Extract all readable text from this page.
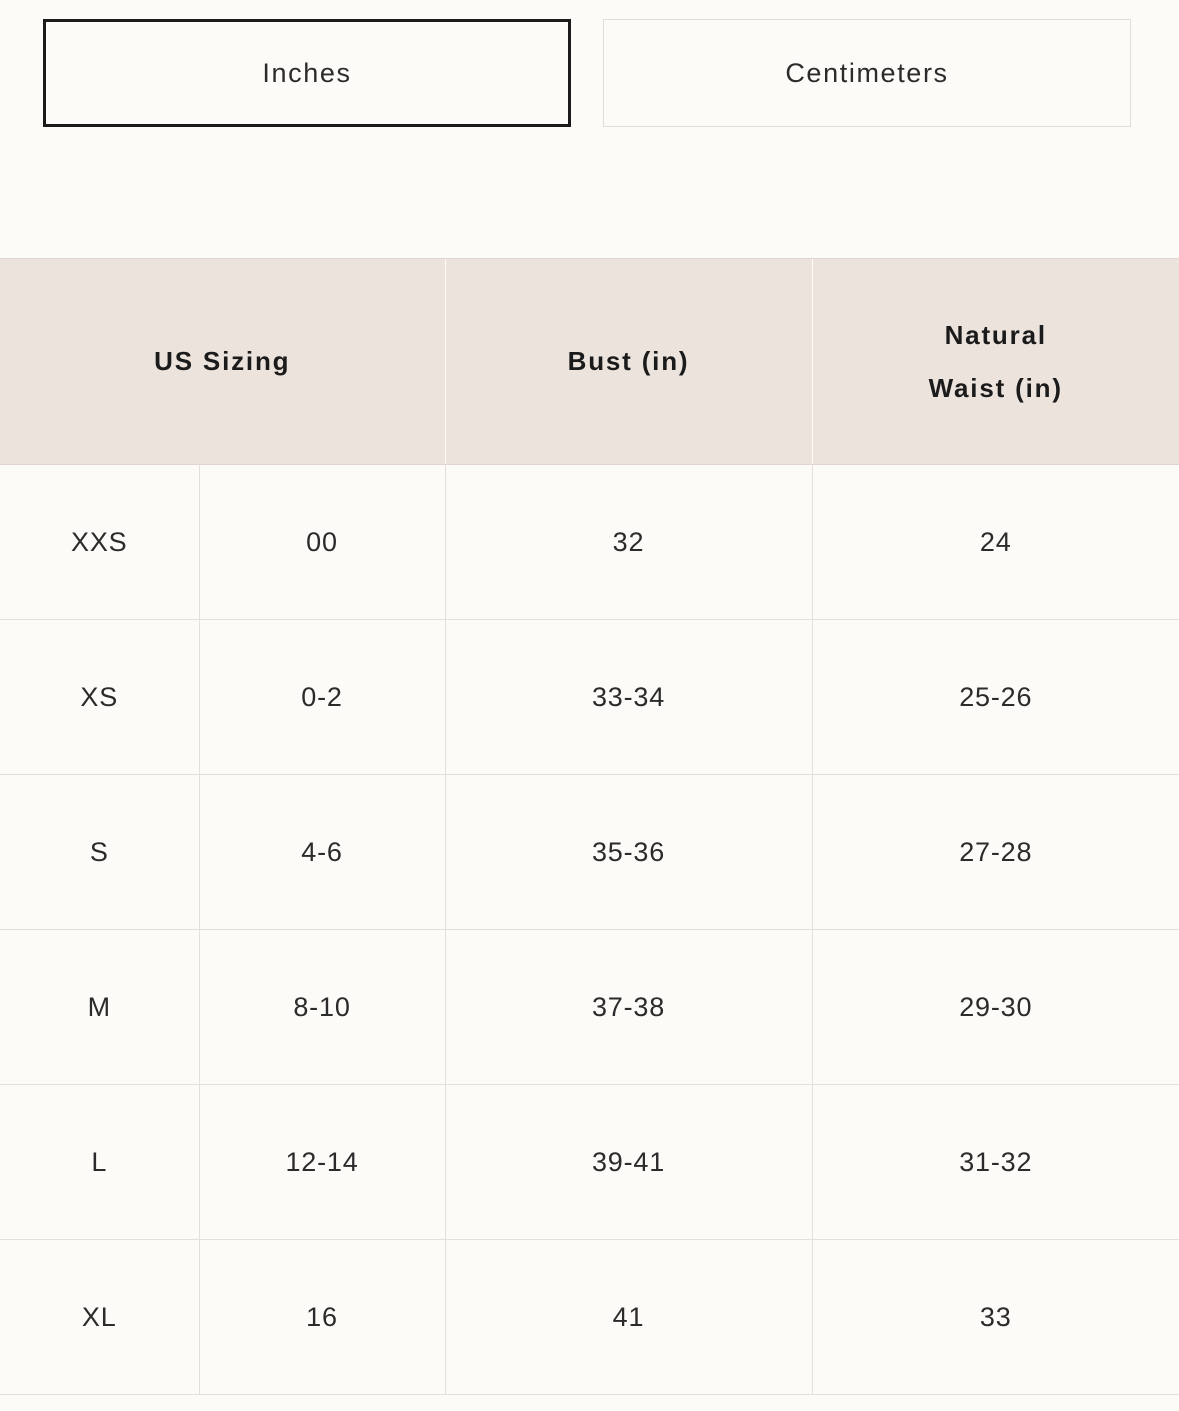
Inches	Centimeters
US Sizing		Bust (in)	Natural
Waist (in)

XXS	00	32	24
XS	0-2	33-34	25-26
S	4-6	35-36	27-28
M	8-10	37-38	29-30
L	12-14	39-41	31-32
XL	16	41	33
